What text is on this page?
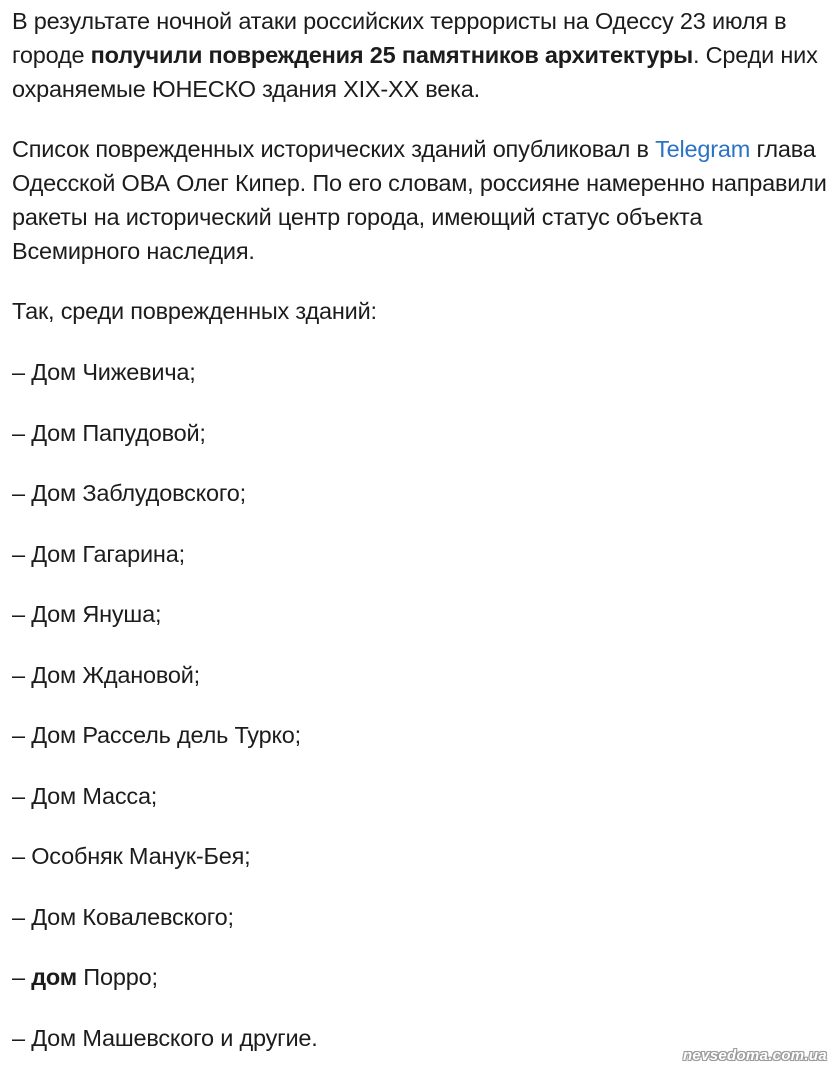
В результате ночной атаки российских террористы на Одессу 23 июля в городе получили повреждения 25 памятников архитектуры. Среди них охраняемые ЮНЕСКО здания XIX-XX века.

Список поврежденных исторических зданий опубликовал в Telegram глава Одесской ОВА Олег Кипер. По его словам, россияне намеренно направили ракеты на исторический центр города, имеющий статус объекта Всемирного наследия.

Так, среди поврежденных зданий:

– Дом Чижевича;
– Дом Папудовой;
– Дом Заблудовского;
– Дом Гагарина;
– Дом Януша;
– Дом Ждановой;
– Дом Рассель дель Турко;
– Дом Масса;
– Особняк Манук-Бея;
– Дом Ковалевского;
– дом Порро;
– Дом Машевского и другие.
nevsedoma.com.ua
